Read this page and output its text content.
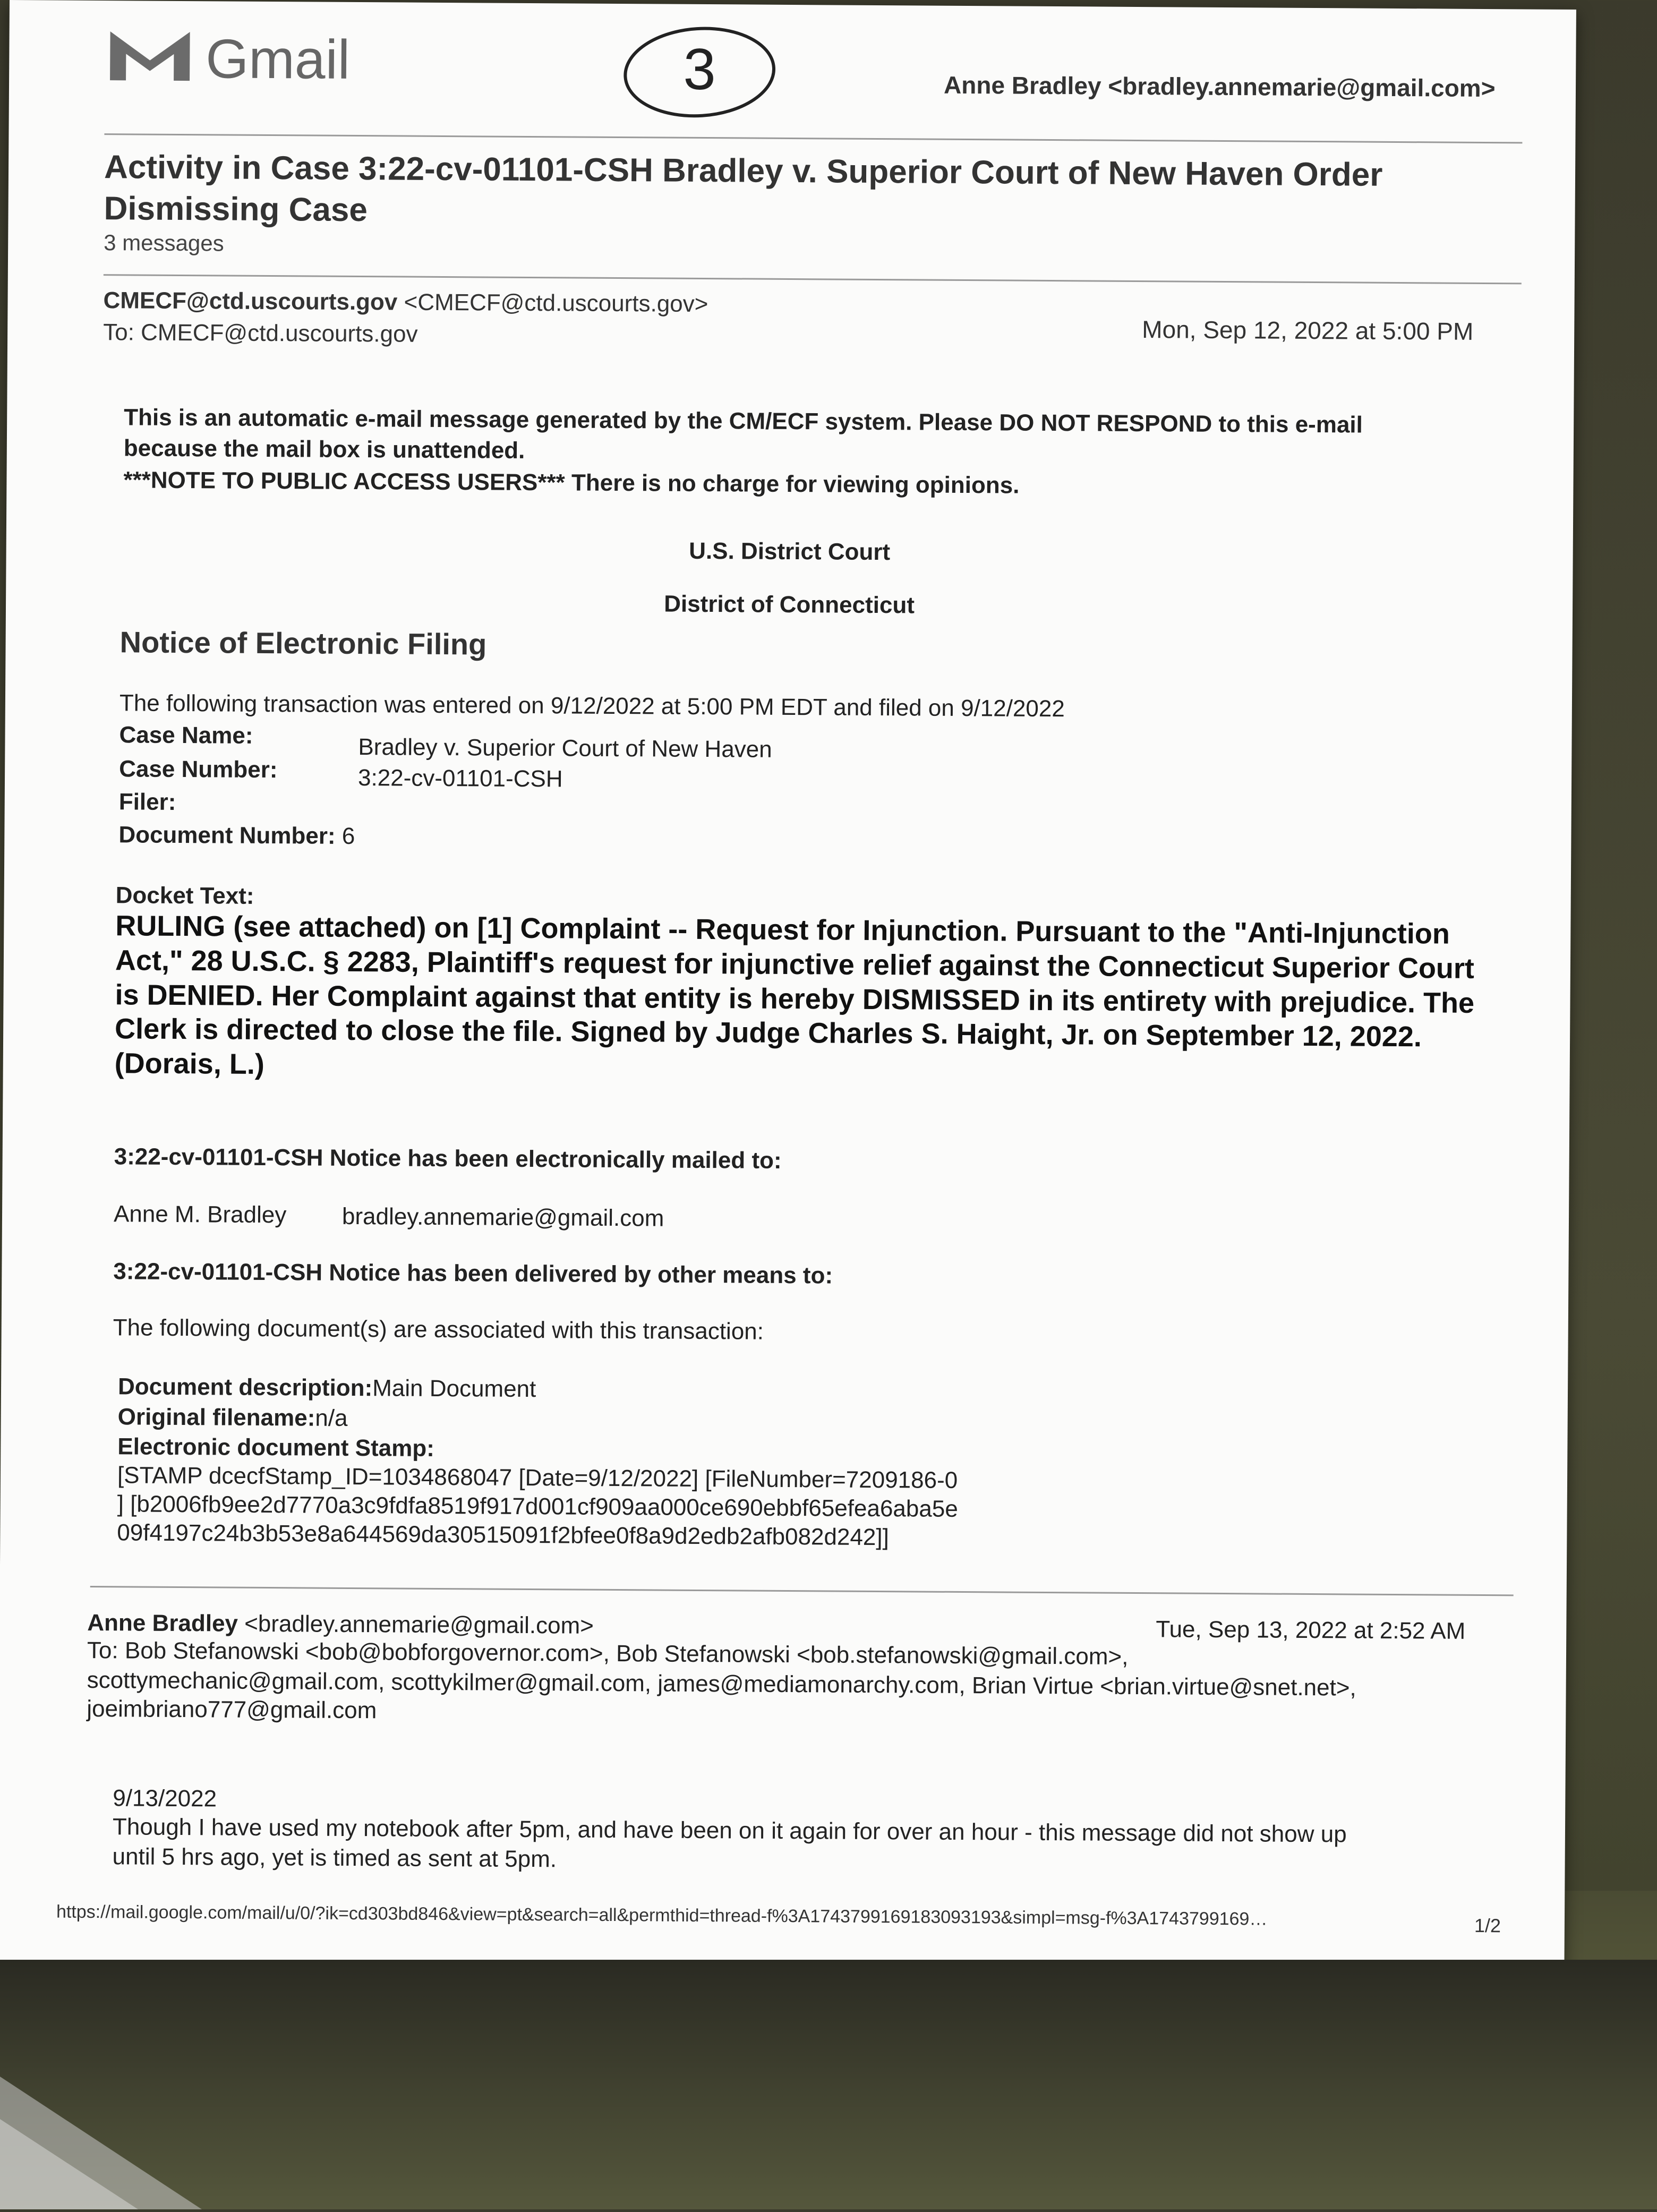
Gmail	3	Anne Bradley <bradley.annemarie@gmail.com>
Activity in Case 3:22-cv-01101-CSH Bradley v. Superior Court of New Haven Order Dismissing Case
3 messages
CMECF@ctd.uscourts.gov <CMECF@ctd.uscourts.gov>
To: CMECF@ctd.uscourts.gov	Mon, Sep 12, 2022 at 5:00 PM
This is an automatic e-mail message generated by the CM/ECF system. Please DO NOT RESPOND to this e-mail
because the mail box is unattended.
***NOTE TO PUBLIC ACCESS USERS*** There is no charge for viewing opinions.
U.S. District Court
District of Connecticut
Notice of Electronic Filing
The following transaction was entered on 9/12/2022 at 5:00 PM EDT and filed on 9/12/2022
Case Name:	Bradley v. Superior Court of New Haven
Case Number:	3:22-cv-01101-CSH
Filer:
Document Number: 6
Docket Text:
RULING (see attached) on [1] Complaint -- Request for Injunction. Pursuant to the "Anti-Injunction Act," 28 U.S.C. § 2283, Plaintiff's request for injunctive relief against the Connecticut Superior Court is DENIED. Her Complaint against that entity is hereby DISMISSED in its entirety with prejudice. The Clerk is directed to close the file. Signed by Judge Charles S. Haight, Jr. on September 12, 2022. (Dorais, L.)
3:22-cv-01101-CSH Notice has been electronically mailed to:
Anne M. Bradley bradley.annemarie@gmail.com
3:22-cv-01101-CSH Notice has been delivered by other means to:
The following document(s) are associated with this transaction:
Document description:Main Document
Original filename:n/a
Electronic document Stamp:
[STAMP dcecfStamp_ID=1034868047 [Date=9/12/2022] [FileNumber=7209186-0
] [b2006fb9ee2d7770a3c9fdfa8519f917d001cf909aa000ce690ebbf65efea6aba5e
09f4197c24b3b53e8a644569da30515091f2bfee0f8a9d2edb2afb082d242]]
Anne Bradley <bradley.annemarie@gmail.com>	Tue, Sep 13, 2022 at 2:52 AM
To: Bob Stefanowski <bob@bobforgovernor.com>, Bob Stefanowski <bob.stefanowski@gmail.com>,
scottymechanic@gmail.com, scottykilmer@gmail.com, james@mediamonarchy.com, Brian Virtue <brian.virtue@snet.net>,
joeimbriano777@gmail.com
9/13/2022
Though I have used my notebook after 5pm, and have been on it again for over an hour - this message did not show up
until 5 hrs ago, yet is timed as sent at 5pm.
https://mail.google.com/mail/u/0/?ik=cd303bd846&view=pt&search=all&permthid=thread-f%3A1743799169183093193&simpl=msg-f%3A1743799169…	1/2
